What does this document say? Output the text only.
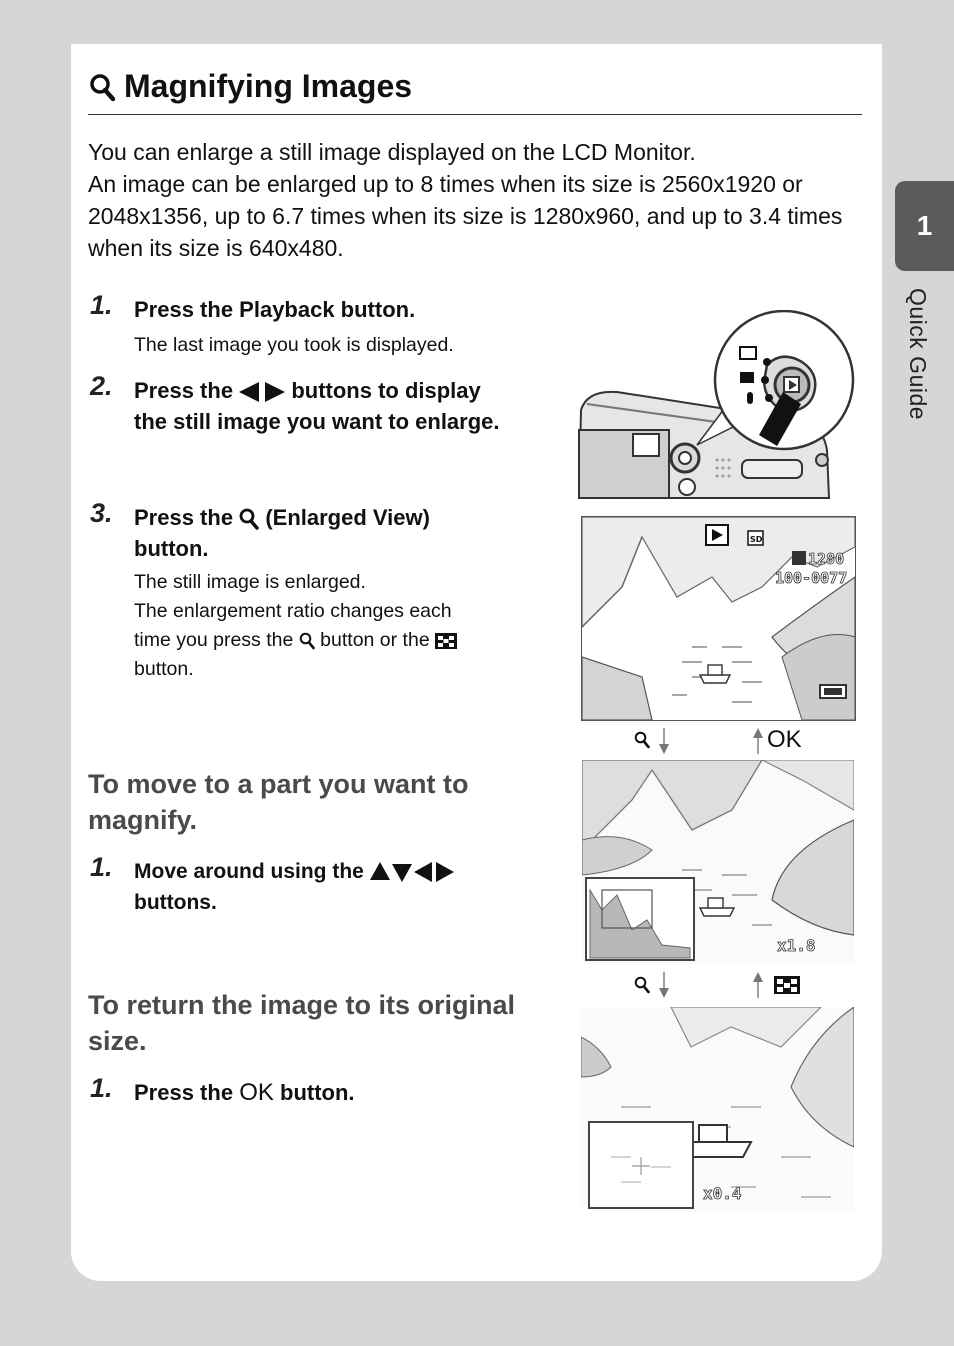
1
Quick Guide
Magnifying Images

You can enlarge a still image displayed on the LCD Monitor.

An image can be enlarged up to 8 times when its size is 2560x1920 or 2048x1356, up to 6.7 times when its size is 1280x960, and up to 3.4 times when its size is 640x480.

1. Press the Playback button.
The last image you took is displayed.
2. Press the	buttons to display
the still image you want to enlarge.
3. Press the (Enlarged View)
button.
The still image is enlarged.
The enlargement ratio changes each
time you press the button or the
button.
SD
1280
100-0077
OK
To move to a part you want to
magnify.
1. Move around using the
buttons.
x1.8
To return the image to its original
size.
1. Press the OK button.
x0.4
